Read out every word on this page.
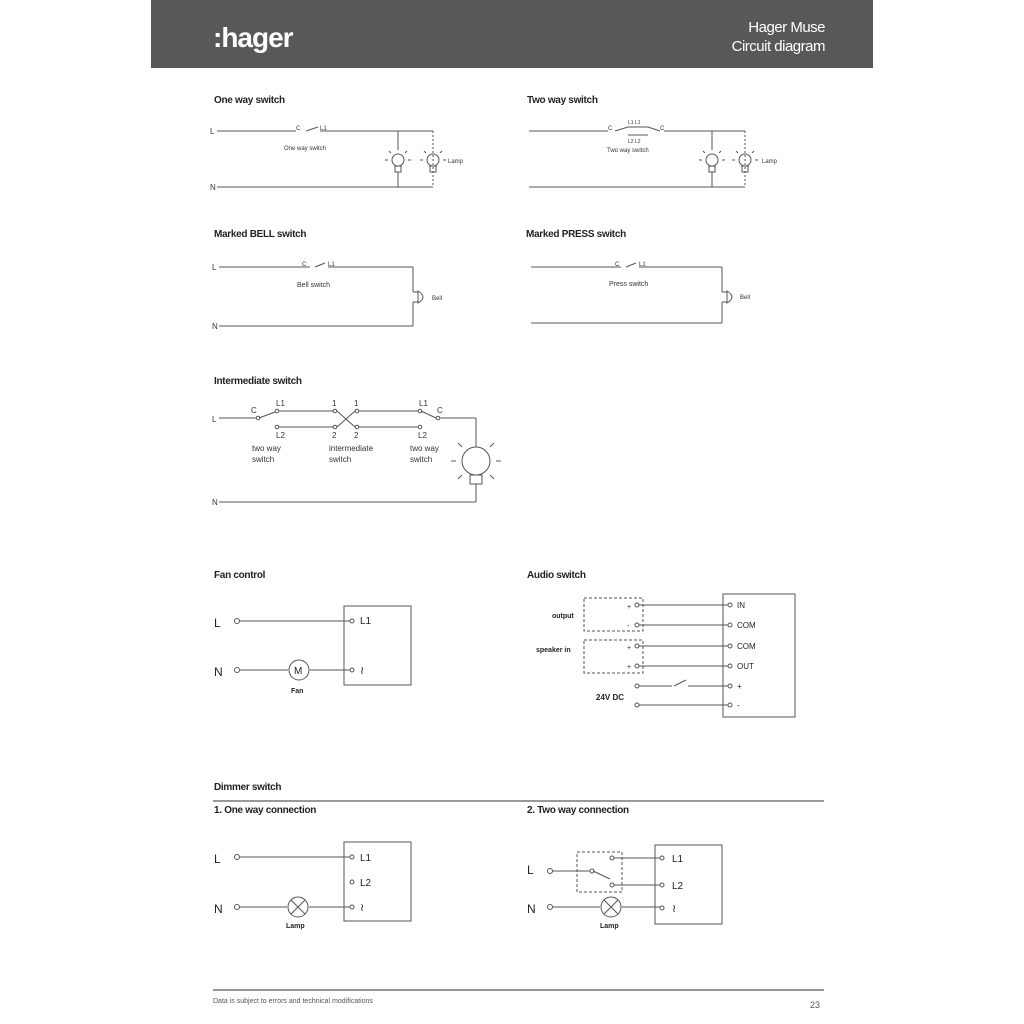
:hager	Hager Muse
Circuit diagram
One way switch	Two way switch
Marked BELL switch	Marked PRESS switch
Intermediate switch
Fan control	Audio switch
Dimmer switch
1. One way connection	2. Two way connection
L
N
C	L1
One way switch
Lamp
C	C
L1 L1
L2 L2
Two way switch
Lamp
L
N
C	L1
Bell switch
Bell
C	L1
Press switch
Bell
L
N
C
L1
L2
1 1
2 2
L1
C
L2
two way
switch
intermediate
switch
two way
switch
L
N	M
Fan
L1
≀
output
speaker in
24V DC
+
-
+
+
IN
COM
COM
OUT
+
-
L
N
Lamp
L1
L2
≀
L
N
Lamp
L1
L2
≀
Data is subject to errors and technical modifications	23
